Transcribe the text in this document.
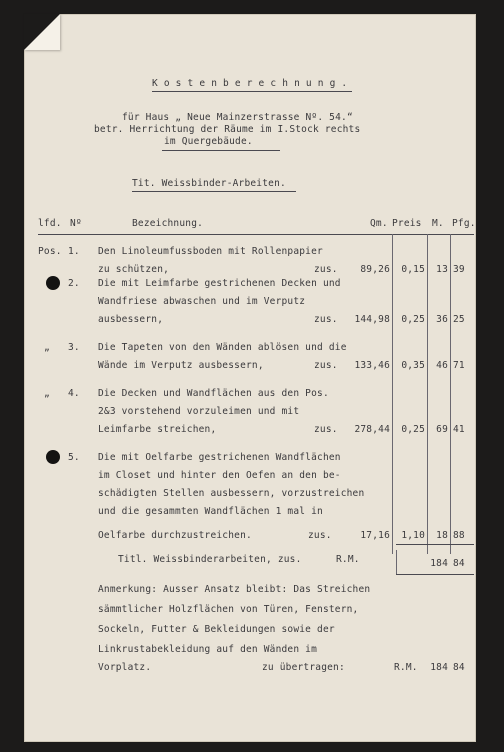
K o s t e n b e r e c h n u n g .
für Haus „ Neue Mainzerstrasse Nº. 54.“
betr. Herrichtung der Räume im I.Stock rechts
im Quergebäude.
Tit. Weissbinder-Arbeiten.
lfd. Nº	Bezeichnung.	Qm. Preis M. Pfg.
Pos. 1. Den Linoleumfussboden mit Rollenpapier
zu schützen,	zus.	89,26	0,15	13 39
2. Die mit Leimfarbe gestrichenen Decken und
Wandfriese abwaschen und im Verputz
ausbessern,	zus.	144,98	0,25	36 25
„ 3. Die Tapeten von den Wänden ablösen und die
Wände im Verputz ausbessern,	zus.	133,46	0,35	46 71
„ 4. Die Decken und Wandflächen aus den Pos.
2&3 vorstehend vorzuleimen und mit
Leimfarbe streichen,	zus.	278,44	0,25	69 41
5. Die mit Oelfarbe gestrichenen Wandflächen
im Closet und hinter den Oefen an den be-
schädigten Stellen ausbessern, vorzustreichen
und die gesammten Wandflächen 1 mal in
Oelfarbe durchzustreichen.	zus.	17,16	1,10	18 88
Titl. Weissbinderarbeiten, zus.	R.M.	184 84
Anmerkung: Ausser Ansatz bleibt: Das Streichen
sämmtlicher Holzflächen von Türen, Fenstern,
Sockeln, Futter & Bekleidungen sowie der
Linkrustabekleidung auf den Wänden im
Vorplatz.	zu übertragen:	R.M.	184 84
